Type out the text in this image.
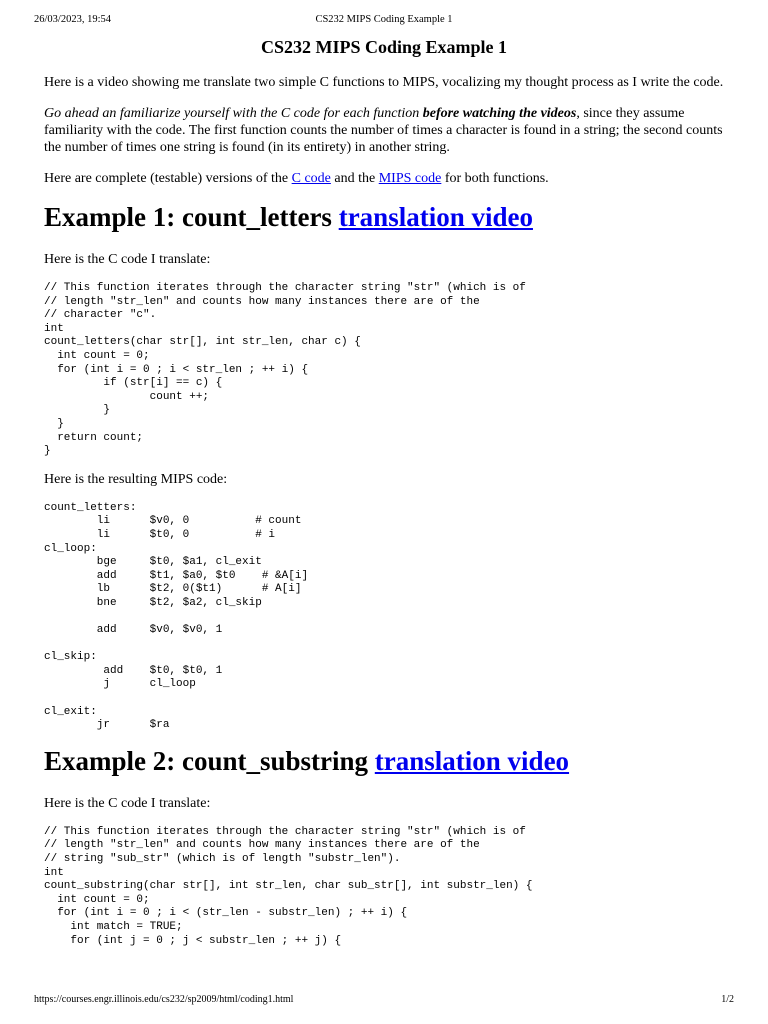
26/03/2023, 19:54	CS232 MIPS Coding Example 1
CS232 MIPS Coding Example 1

Here is a video showing me translate two simple C functions to MIPS, vocalizing my thought process as I write the code.

Go ahead an familiarize yourself with the C code for each function before watching the videos, since they assume familiarity with the code. The first function counts the number of times a character is found in a string; the second counts the number of times one string is found (in its entirety) in another string.

Here are complete (testable) versions of the C code and the MIPS code for both functions.

Example 1: count_letters translation video

Here is the C code I translate:

// This function iterates through the character string "str" (which is of
// length "str_len" and counts how many instances there are of the
// character "c".
int
count_letters(char str[], int str_len, char c) {
int count = 0;
for (int i = 0 ; i < str_len ; ++ i) {
if (str[i] == c) {
count ++;
}
}
return count;
}

Here is the resulting MIPS code:

count_letters:
li      $v0, 0          # count
li      $t0, 0          # i
cl_loop:
bge     $t0, $a1, cl_exit
add     $t1, $a0, $t0    # &A[i]
lb      $t2, 0($t1)      # A[i]
bne     $t2, $a2, cl_skip

add     $v0, $v0, 1

cl_skip:
add    $t0, $t0, 1
j      cl_loop

cl_exit:
jr      $ra
Example 2: count_substring translation video

Here is the C code I translate:

// This function iterates through the character string "str" (which is of
// length "str_len" and counts how many instances there are of the
// string "sub_str" (which is of length "substr_len").
int
count_substring(char str[], int str_len, char sub_str[], int substr_len) {
int count = 0;
for (int i = 0 ; i < (str_len - substr_len) ; ++ i) {
int match = TRUE;
for (int j = 0 ; j < substr_len ; ++ j) {
https://courses.engr.illinois.edu/cs232/sp2009/html/coding1.html	1/2
